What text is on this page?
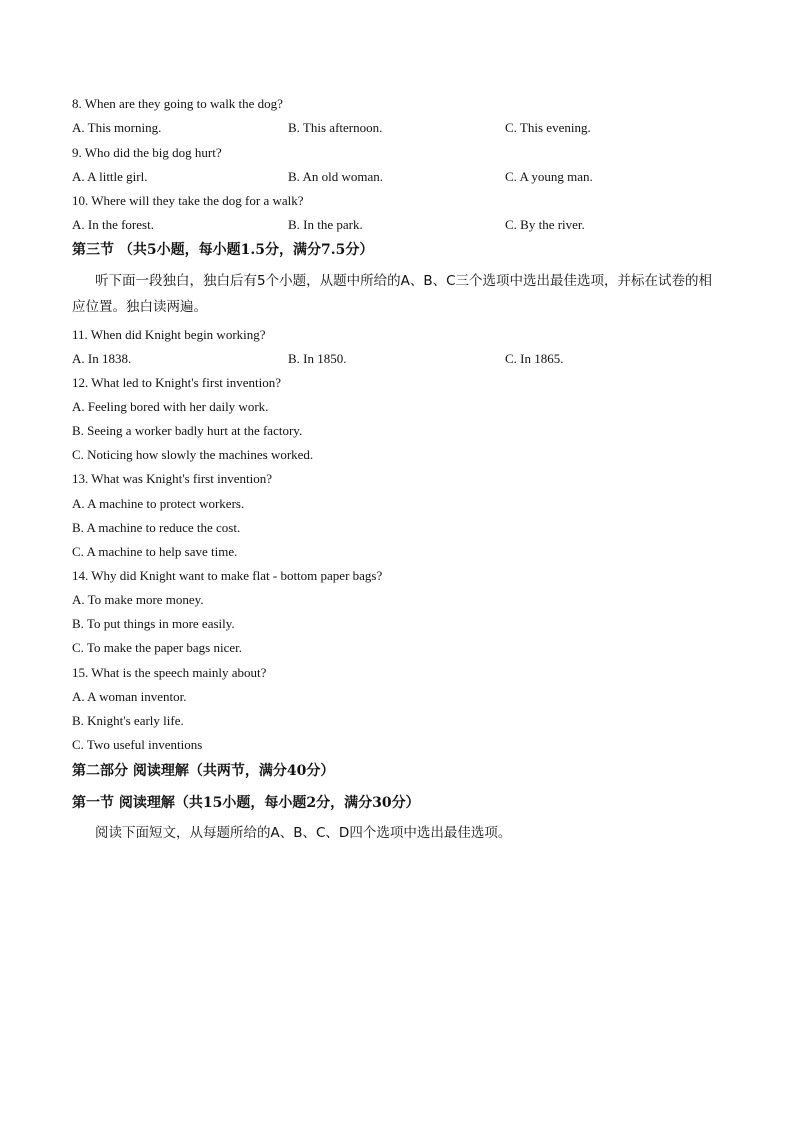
8. When are they going to walk the dog?
A. This morning.	B. This afternoon.	C. This evening.
9. Who did the big dog hurt?
A. A little girl.	B. An old woman.	C. A young man.
10. Where will they take the dog for a walk?
A. In the forest.	B. In the park.	C. By the river.
第三节 （共5小题，每小题1.5分，满分7.5分）
听下面一段独白，独白后有5个小题，从题中所给的A、B、C三个选项中选出最佳选项，并标在试卷的相应位置。独白读两遍。
11. When did Knight begin working?
A. In 1838.	B. In 1850.	C. In 1865.
12. What led to Knight's first invention?
A. Feeling bored with her daily work.
B. Seeing a worker badly hurt at the factory.
C. Noticing how slowly the machines worked.
13. What was Knight's first invention?
A. A machine to protect workers.
B. A machine to reduce the cost.
C. A machine to help save time.
14. Why did Knight want to make flat - bottom paper bags?
A. To make more money.
B. To put things in more easily.
C. To make the paper bags nicer.
15. What is the speech mainly about?
A. A woman inventor.
B. Knight's early life.
C. Two useful inventions
第二部分 阅读理解（共两节，满分40分）
第一节 阅读理解（共15小题，每小题2分，满分30分）
阅读下面短文，从每题所给的A、B、C、D四个选项中选出最佳选项。
